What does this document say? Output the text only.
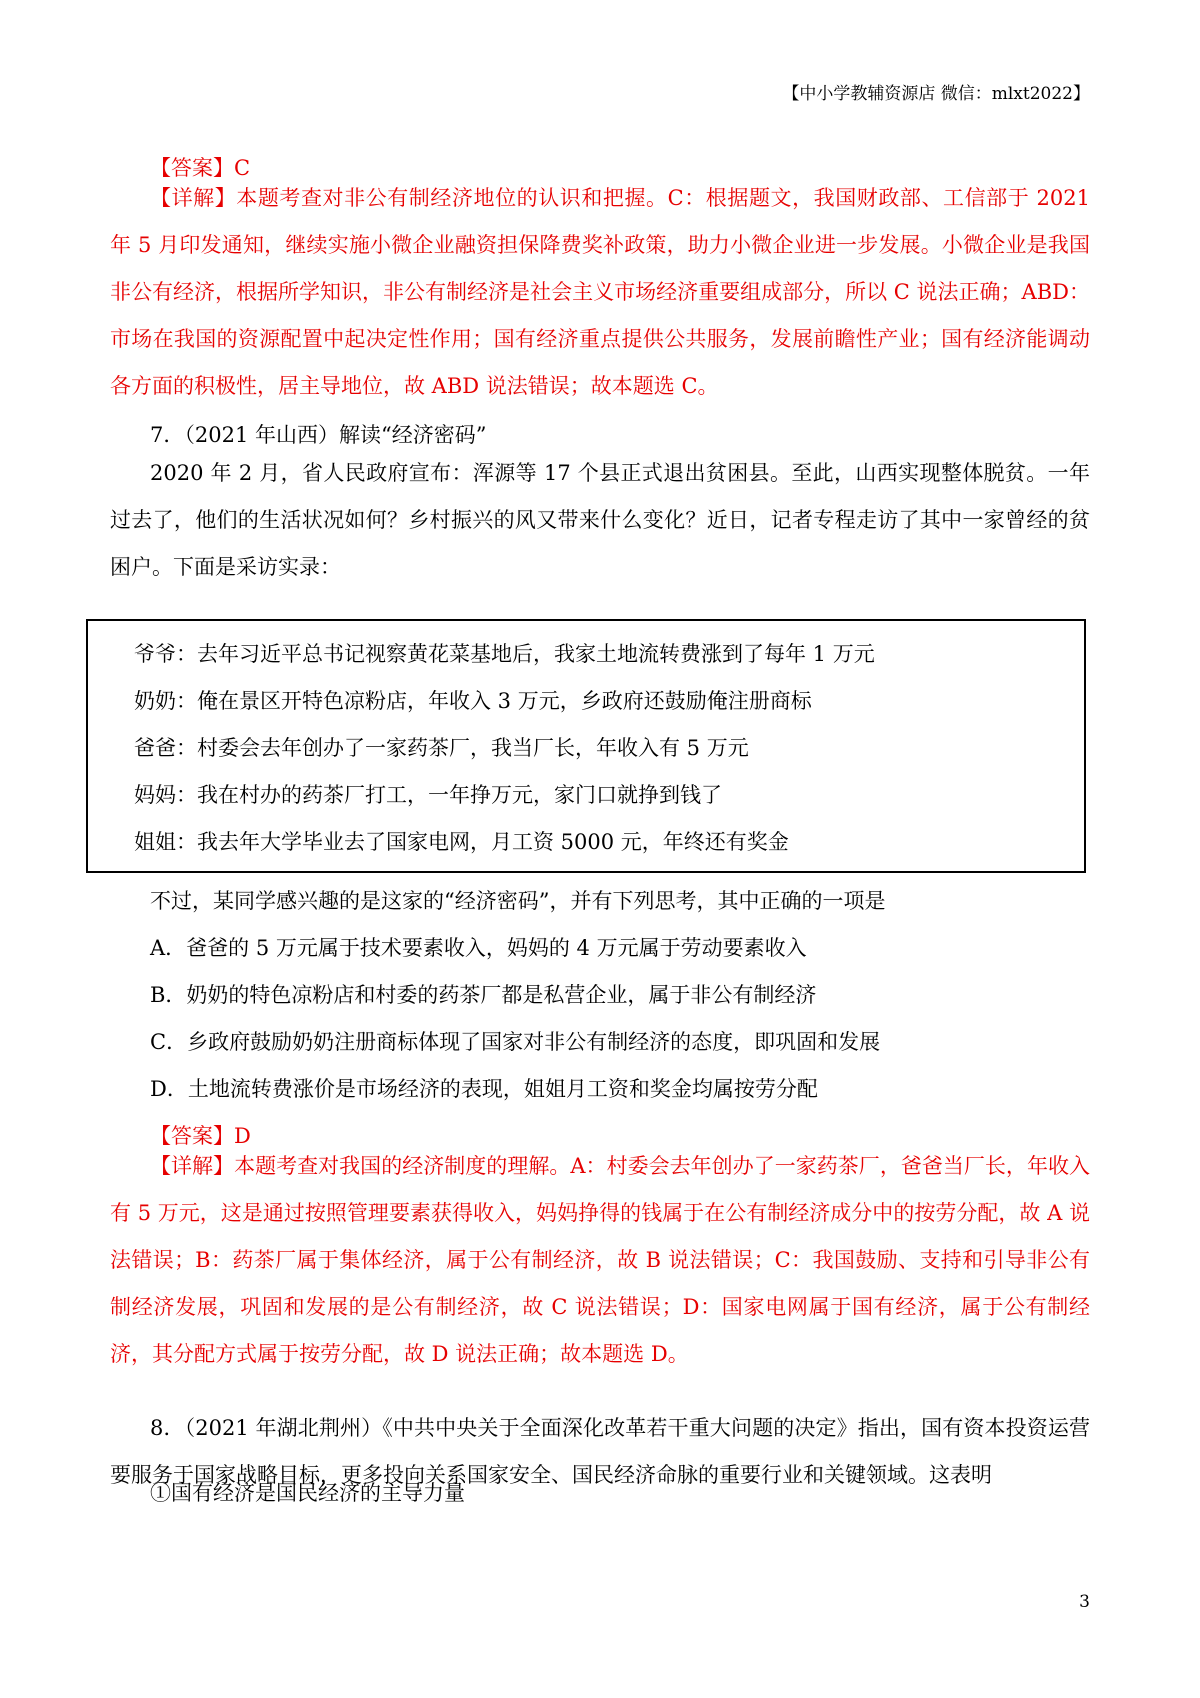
【中小学教辅资源店 微信：mlxt2022】
【答案】C
【详解】本题考查对非公有制经济地位的认识和把握。C：根据题文，我国财政部、工信部于 2021 年 5 月印发通知，继续实施小微企业融资担保降费奖补政策，助力小微企业进一步发展。小微企业是我国非公有经济，根据所学知识，非公有制经济是社会主义市场经济重要组成部分，所以 C 说法正确；ABD：市场在我国的资源配置中起决定性作用；国有经济重点提供公共服务，发展前瞻性产业；国有经济能调动各方面的积极性，居主导地位，故 ABD 说法错误；故本题选 C。
7．（2021 年山西）解读“经济密码”
2020 年 2 月，省人民政府宣布：浑源等 17 个县正式退出贫困县。至此，山西实现整体脱贫。一年过去了，他们的生活状况如何？乡村振兴的风又带来什么变化？近日，记者专程走访了其中一家曾经的贫困户。下面是采访实录：
爷爷：去年习近平总书记视察黄花菜基地后，我家土地流转费涨到了每年 1 万元
奶奶：俺在景区开特色凉粉店，年收入 3 万元，乡政府还鼓励俺注册商标
爸爸：村委会去年创办了一家药茶厂，我当厂长，年收入有 5 万元
妈妈：我在村办的药茶厂打工，一年挣万元，家门口就挣到钱了
姐姐：我去年大学毕业去了国家电网，月工资 5000 元，年终还有奖金
不过，某同学感兴趣的是这家的“经济密码”，并有下列思考，其中正确的一项是
A．爸爸的 5 万元属于技术要素收入，妈妈的 4 万元属于劳动要素收入
B．奶奶的特色凉粉店和村委的药茶厂都是私营企业，属于非公有制经济
C．乡政府鼓励奶奶注册商标体现了国家对非公有制经济的态度，即巩固和发展
D．土地流转费涨价是市场经济的表现，姐姐月工资和奖金均属按劳分配
【答案】D
【详解】本题考查对我国的经济制度的理解。A：村委会去年创办了一家药茶厂，爸爸当厂长，年收入有 5 万元，这是通过按照管理要素获得收入，妈妈挣得的钱属于在公有制经济成分中的按劳分配，故 A 说法错误；B：药茶厂属于集体经济，属于公有制经济，故 B 说法错误；C：我国鼓励、支持和引导非公有制经济发展，巩固和发展的是公有制经济，故 C 说法错误；D：国家电网属于国有经济，属于公有制经济，其分配方式属于按劳分配，故 D 说法正确；故本题选 D。
8．（2021 年湖北荆州）《中共中央关于全面深化改革若干重大问题的决定》指出，国有资本投资运营要服务于国家战略目标，更多投向关系国家安全、国民经济命脉的重要行业和关键领域。这表明
①国有经济是国民经济的主导力量
3
